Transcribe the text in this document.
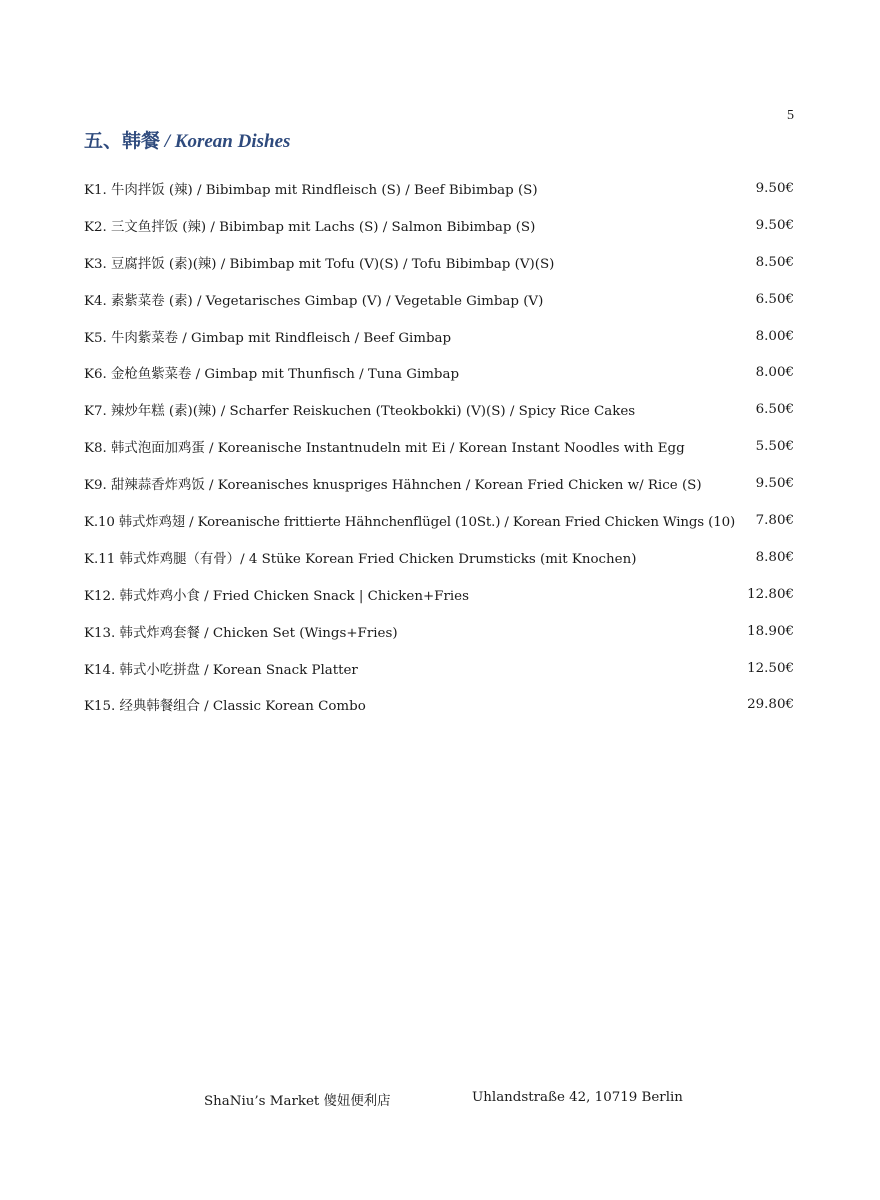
5
五、韩餐 / Korean Dishes
K1. 牛肉拌饭 (辣) / Bibimbap mit Rindfleisch (S) / Beef Bibimbap (S)	9.50€
K2. 三文鱼拌饭 (辣) / Bibimbap mit Lachs (S) / Salmon Bibimbap (S)	9.50€
K3. 豆腐拌饭 (素)(辣) / Bibimbap mit Tofu (V)(S) / Tofu Bibimbap (V)(S)	8.50€
K4. 素紫菜卷 (素) / Vegetarisches Gimbap (V) / Vegetable Gimbap (V)	6.50€
K5. 牛肉紫菜卷 / Gimbap mit Rindfleisch / Beef Gimbap	8.00€
K6. 金枪鱼紫菜卷 / Gimbap mit Thunfisch / Tuna Gimbap	8.00€
K7. 辣炒年糕 (素)(辣) / Scharfer Reiskuchen (Tteokbokki) (V)(S) / Spicy Rice Cakes	6.50€
K8. 韩式泡面加鸡蛋 / Koreanische Instantnudeln mit Ei / Korean Instant Noodles with Egg	5.50€
K9. 甜辣蒜香炸鸡饭 / Koreanisches knuspriges Hähnchen / Korean Fried Chicken w/ Rice (S)	9.50€
K.10 韩式炸鸡翅 / Koreanische frittierte Hähnchenflügel (10St.) / Korean Fried Chicken Wings (10)	7.80€
K.11 韩式炸鸡腿（有骨）/ 4 Stüke Korean Fried Chicken Drumsticks (mit Knochen)	8.80€
K12. 韩式炸鸡小食 / Fried Chicken Snack | Chicken+Fries	12.80€
K13. 韩式炸鸡套餐 / Chicken Set (Wings+Fries)	18.90€
K14. 韩式小吃拼盘 / Korean Snack Platter	12.50€
K15. 经典韩餐组合 / Classic Korean Combo	29.80€
ShaNiu’s Market 傻妞便利店	Uhlandstraße 42, 10719 Berlin
